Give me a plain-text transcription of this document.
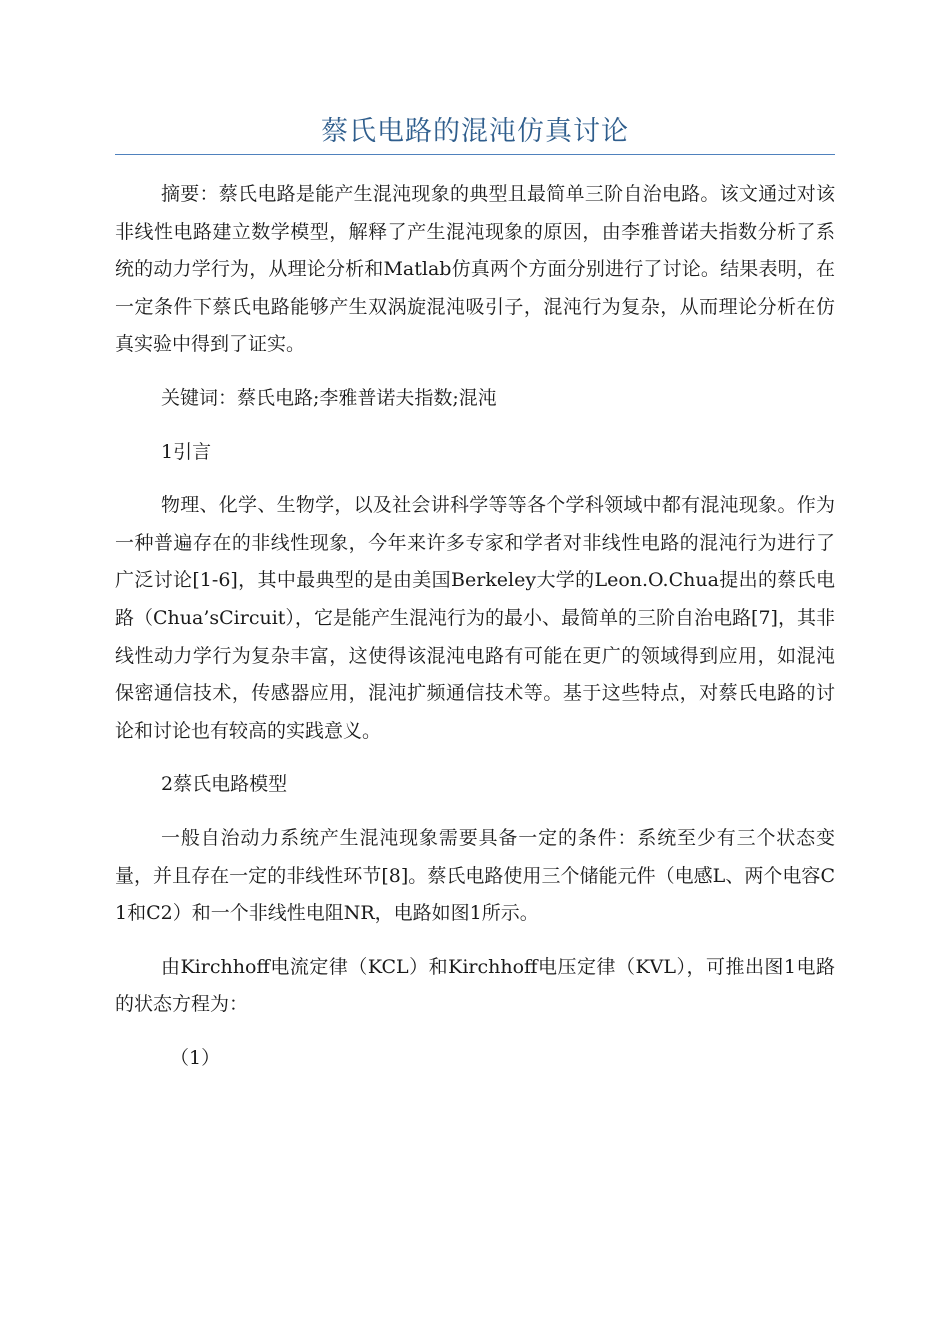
蔡氏电路的混沌仿真讨论

摘要：蔡氏电路是能产生混沌现象的典型且最简单三阶自治电路。该文通过对该非线性电路建立数学模型，解释了产生混沌现象的原因，由李雅普诺夫指数分析了系统的动力学行为，从理论分析和Matlab仿真两个方面分别进行了讨论。结果表明，在一定条件下蔡氏电路能够产生双涡旋混沌吸引子，混沌行为复杂，从而理论分析在仿真实验中得到了证实。

关键词：蔡氏电路;李雅普诺夫指数;混沌

1引言

物理、化学、生物学，以及社会讲科学等等各个学科领域中都有混沌现象。作为一种普遍存在的非线性现象，今年来许多专家和学者对非线性电路的混沌行为进行了广泛讨论[1-6]，其中最典型的是由美国Berkeley大学的Leon.O.Chua提出的蔡氏电路（Chua’sCircuit），它是能产生混沌行为的最小、最简单的三阶自治电路[7]，其非线性动力学行为复杂丰富，这使得该混沌电路有可能在更广的领域得到应用，如混沌保密通信技术，传感器应用，混沌扩频通信技术等。基于这些特点，对蔡氏电路的讨论和讨论也有较高的实践意义。

2蔡氏电路模型

一般自治动力系统产生混沌现象需要具备一定的条件：系统至少有三个状态变量，并且存在一定的非线性环节[8]。蔡氏电路使用三个储能元件（电感L、两个电容C1和C2）和一个非线性电阻NR，电路如图1所示。

由Kirchhoff电流定律（KCL）和Kirchhoff电压定律（KVL），可推出图1电路的状态方程为：

（1）
